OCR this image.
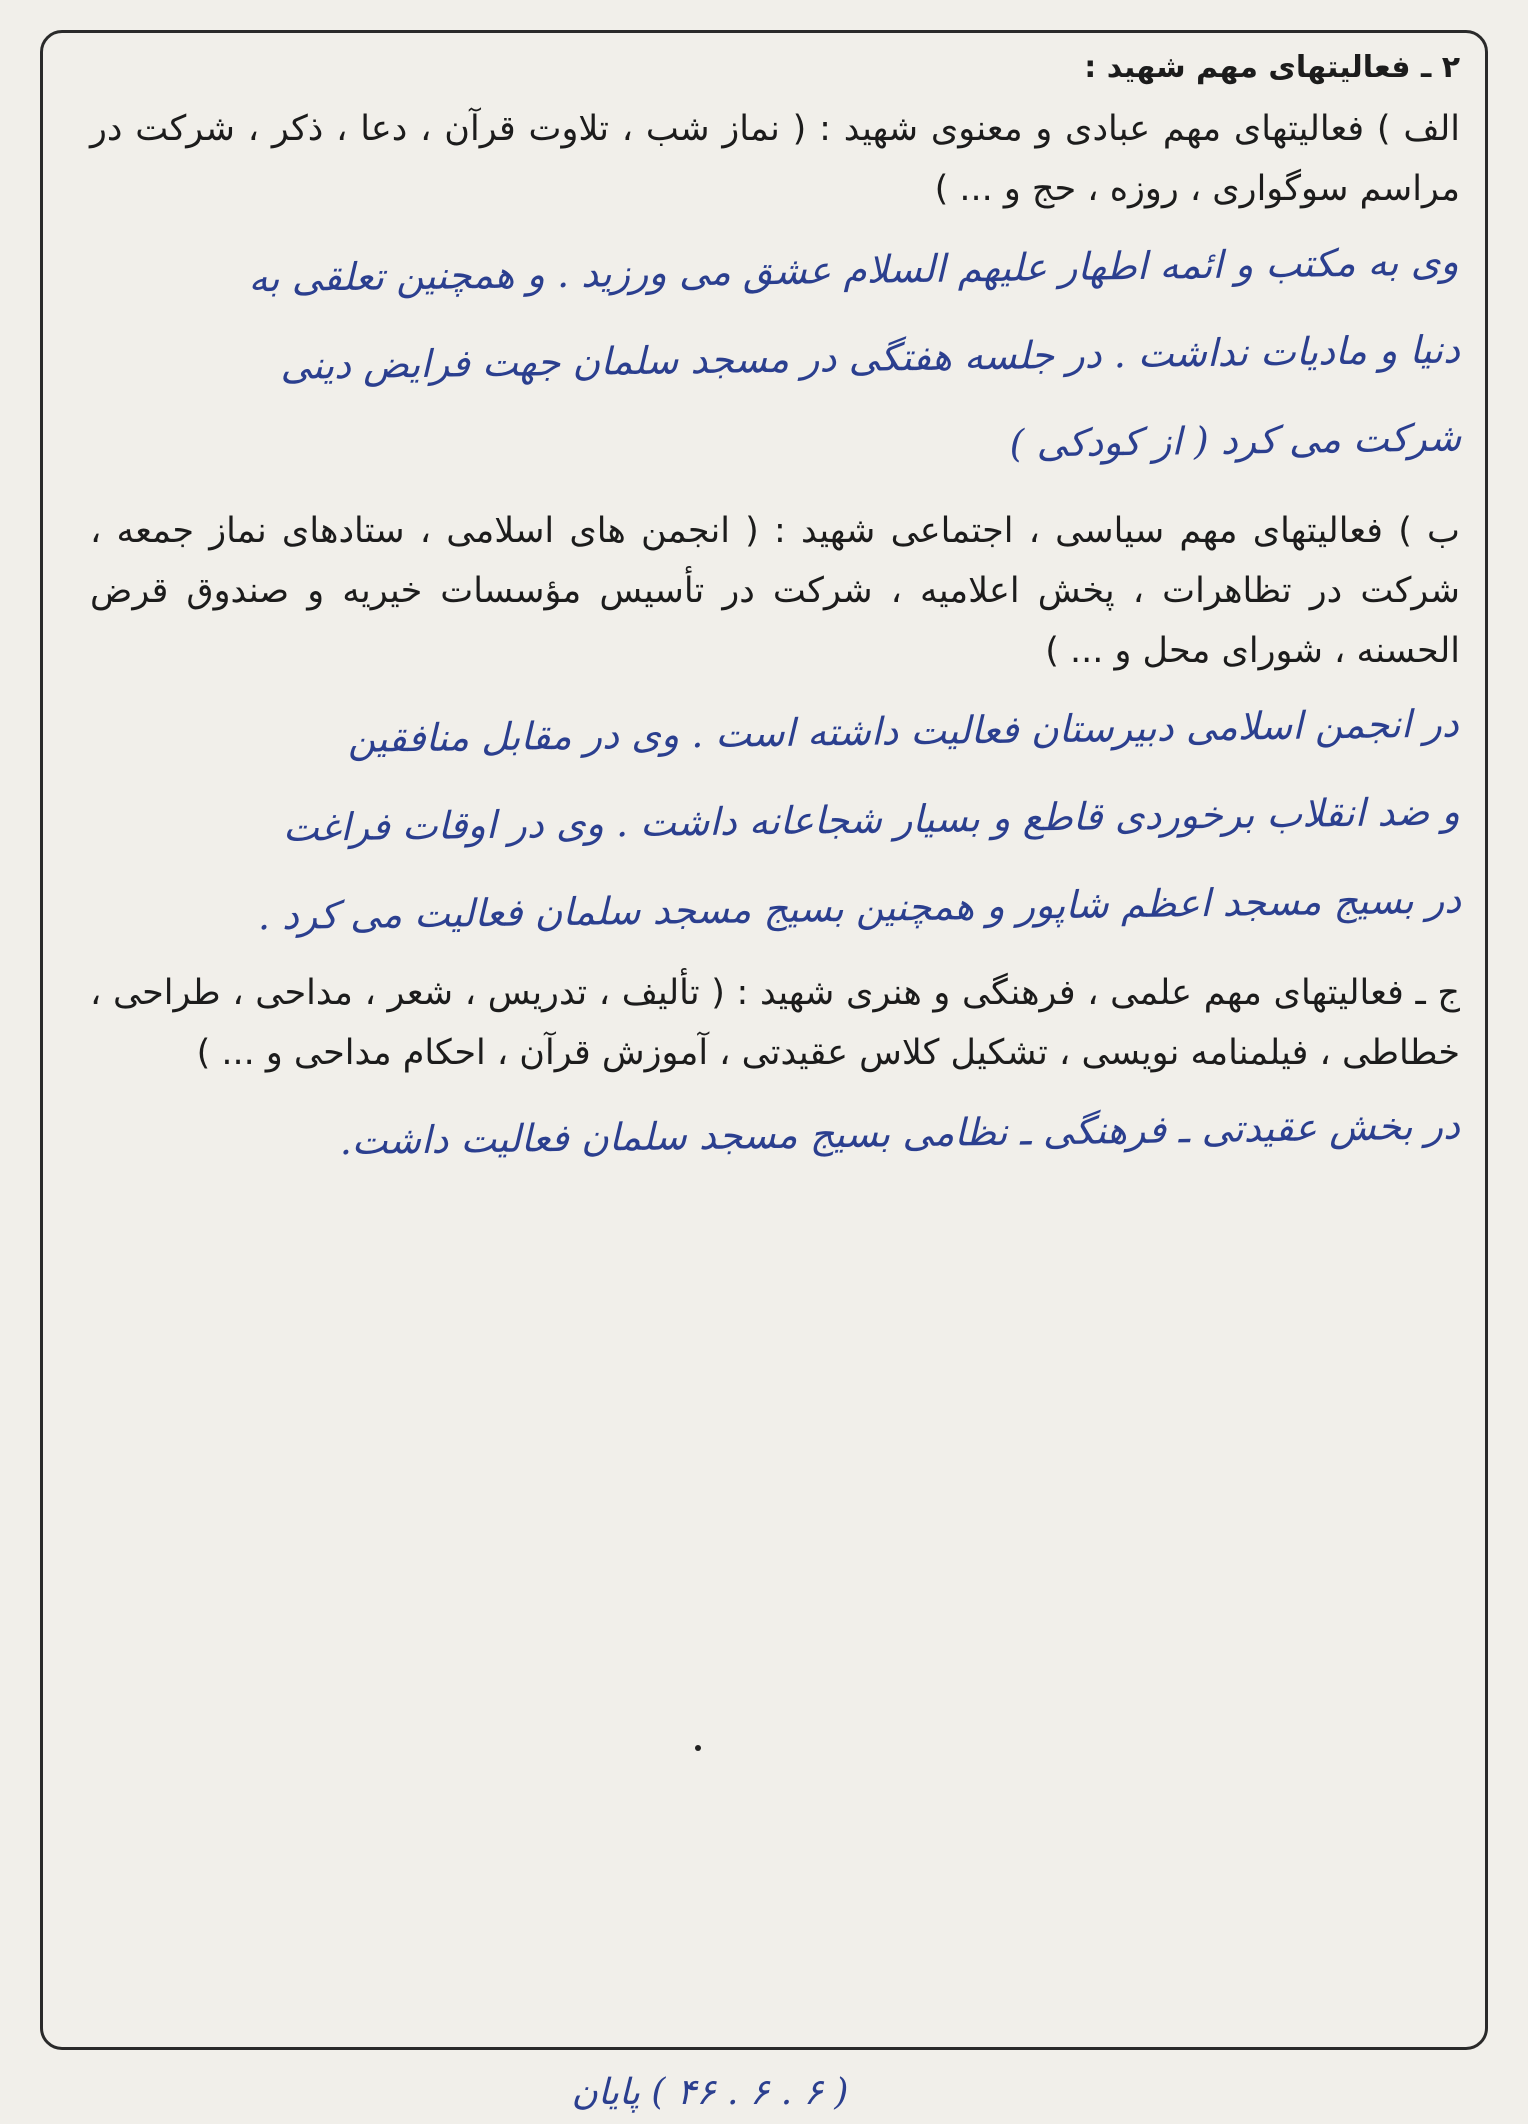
۲ ـ فعالیتهای مهم شهید :

الف ) فعالیتهای مهم عبادی و معنوی شهید : ( نماز شب ، تلاوت قرآن ، دعا ، ذکر ، شرکت در مراسم سوگواری ، روزه ، حج و ... )

وی به مکتب و ائمه اطهار علیهم السلام عشق می ورزید . و همچنین تعلقی به
دنیا و مادیات نداشت . در جلسه هفتگی در مسجد سلمان جهت فرایض دینی
شرکت می کرد ( از کودکی )

ب ) فعالیتهای مهم سیاسی ، اجتماعی شهید : ( انجمن های اسلامی ، ستادهای نماز جمعه ، شرکت در تظاهرات ، پخش اعلامیه ، شرکت در تأسیس مؤسسات خیریه و صندوق قرض الحسنه ، شورای محل و ... )

در انجمن اسلامی دبیرستان فعالیت داشته است . وی در مقابل منافقین
و ضد انقلاب برخوردی قاطع و بسیار شجاعانه داشت . وی در اوقات فراغت
در بسیج مسجد اعظم شاپور و همچنین بسیج مسجد سلمان فعالیت می کرد .

ج ـ فعالیتهای مهم علمی ، فرهنگی و هنری شهید : ( تألیف ، تدریس ، شعر ، مداحی ، طراحی ، خطاطی ، فیلمنامه نویسی ، تشکیل کلاس عقیدتی ، آموزش قرآن ، احکام مداحی و ... )

در بخش عقیدتی ـ فرهنگی ـ نظامی بسیج مسجد سلمان فعالیت داشت.
( ۶ . ۶ . ۴۶ ) پایان
